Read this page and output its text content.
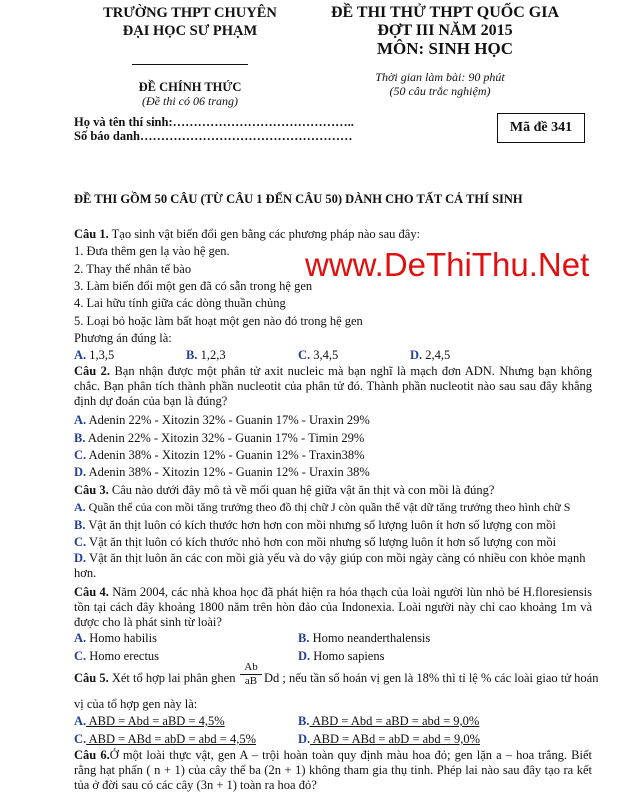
TRƯỜNG THPT CHUYÊN
ĐẠI HỌC SƯ PHẠM
ĐỀ CHÍNH THỨC
(Đề thi có 06 trang)
ĐỀ THI THỬ THPT QUỐC GIA
ĐỢT III NĂM 2015
MÔN: SINH HỌC
Thời gian làm bài: 90 phút
(50 câu trắc nghiệm)
Họ và tên thí sinh:……………………………………..
Số báo danh……………………………………………
Mã đề 341
ĐỀ THI GỒM 50 CÂU (TỪ CÂU 1 ĐẾN CÂU 50) DÀNH CHO TẤT CẢ THÍ SINH
www.DeThiThu.Net
Câu 1. Tạo sinh vật biến đổi gen bằng các phương pháp nào sau đây:
1. Đưa thêm gen lạ vào hệ gen.
2. Thay thế nhân tế bào
3. Làm biến đổi một gen đã có sẵn trong hệ gen
4. Lai hữu tính giữa các dòng thuần chủng
5. Loại bỏ hoặc làm bất hoạt một gen nào đó trong hệ gen
Phương án đúng là:
A. 1,3,5	B. 1,2,3	C. 3,4,5	D. 2,4,5
Câu 2. Bạn nhận được một phân tử axit nucleic mà bạn nghĩ là mạch đơn ADN. Nhưng bạn không chắc. Bạn phân tích thành phần nucleotit của phân tử đó. Thành phần nucleotit nào sau sau đây khẳng định dự đoán của bạn là đúng?
A. Adenin 22% - Xitozin 32% - Guanin 17% - Uraxin 29%
B. Adenin 22% - Xitozin 32% - Guanin 17% - Timin 29%
C. Adenin 38% - Xitozin 12% - Guanin 12% - Traxin38%
D. Adenin 38% - Xitozin 12% - Guanin 12% - Uraxin 38%
Câu 3. Câu nào dưới đây mô tả về mối quan hệ giữa vật ăn thịt và con mồi là đúng?
A. Quần thể của con mồi tăng trưởng theo đồ thị chữ J còn quần thể vật dữ tăng trưởng theo hình chữ S
B. Vật ăn thịt luôn có kích thước hơn hơn con mồi nhưng số lượng luôn ít hơn số lượng con mồi
C. Vật ăn thịt luôn có kích thước nhỏ hơn con mồi nhưng số lượng luôn ít hơn số lượng con mồi
D. Vật ăn thịt luôn ăn các con mồi già yếu và do vậy giúp con mồi ngày càng có nhiều con khỏe mạnh hơn.
Câu 4. Năm 2004, các nhà khoa học đã phát hiện ra hóa thạch của loài người lùn nhỏ bé H.floresiensis tồn tại cách đây khoảng 1800 năm trên hòn đảo của Indonexia. Loài người này chỉ cao khoảng 1m và được cho là phát sinh từ loài?
A. Homo habilis	B. Homo neanderthalensis
C. Homo erectus	D. Homo sapiens
Câu 5. Xét tổ hợp lai phân ghen $\frac{Ab}{aB}$ Dd ; nếu tần số hoán vị gen là 18% thì tỉ lệ % các loài giao tử hoán
vị của tổ hợp gen này là:
A. ABD = Abd = aBD = 4,5%	B. ABD = Abd = aBD = abd = 9,0%
C. ABD = ABd = abD = abd = 4,5%	D. ABD = ABd = abD = abd = 9,0%
Câu 6.Ở một loài thực vật, gen A – trội hoàn toàn quy định màu hoa đỏ; gen lặn a – hoa trắng. Biết rằng hạt phấn ( n + 1) của cây thể ba (2n + 1) không tham gia thụ tinh. Phép lai nào sau đây tạo ra kết tủa ở đời sau có các cây (3n + 1) toàn ra hoa đỏ?
